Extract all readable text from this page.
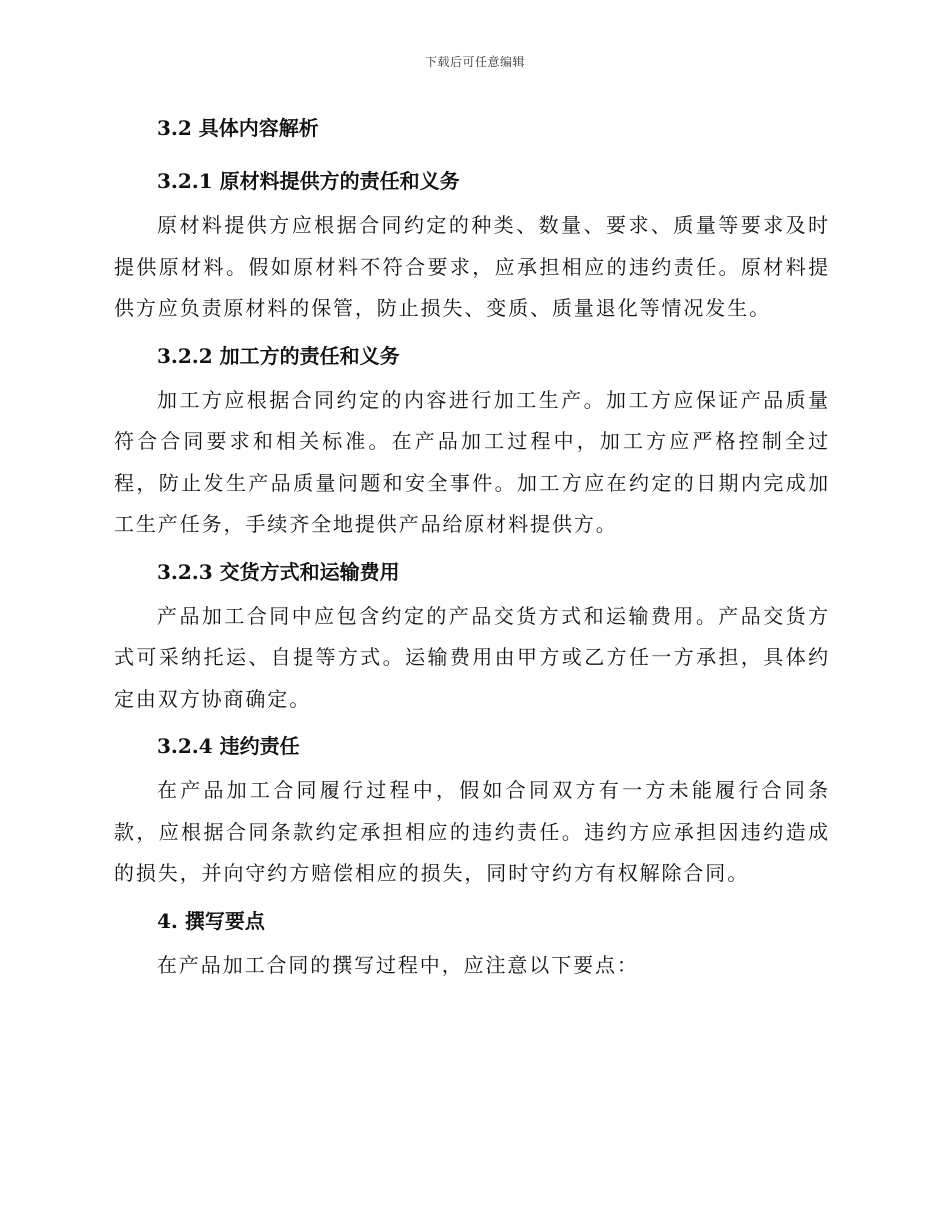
下载后可任意编辑

3.2 具体内容解析

3.2.1 原材料提供方的责任和义务

原材料提供方应根据合同约定的种类、数量、要求、质量等要求及时提供原材料。假如原材料不符合要求，应承担相应的违约责任。原材料提供方应负责原材料的保管，防止损失、变质、质量退化等情况发生。

3.2.2 加工方的责任和义务

加工方应根据合同约定的内容进行加工生产。加工方应保证产品质量符合合同要求和相关标准。在产品加工过程中，加工方应严格控制全过程，防止发生产品质量问题和安全事件。加工方应在约定的日期内完成加工生产任务，手续齐全地提供产品给原材料提供方。

3.2.3 交货方式和运输费用

产品加工合同中应包含约定的产品交货方式和运输费用。产品交货方式可采纳托运、自提等方式。运输费用由甲方或乙方任一方承担，具体约定由双方协商确定。

3.2.4 违约责任

在产品加工合同履行过程中，假如合同双方有一方未能履行合同条款，应根据合同条款约定承担相应的违约责任。违约方应承担因违约造成的损失，并向守约方赔偿相应的损失，同时守约方有权解除合同。

4. 撰写要点

在产品加工合同的撰写过程中，应注意以下要点：
